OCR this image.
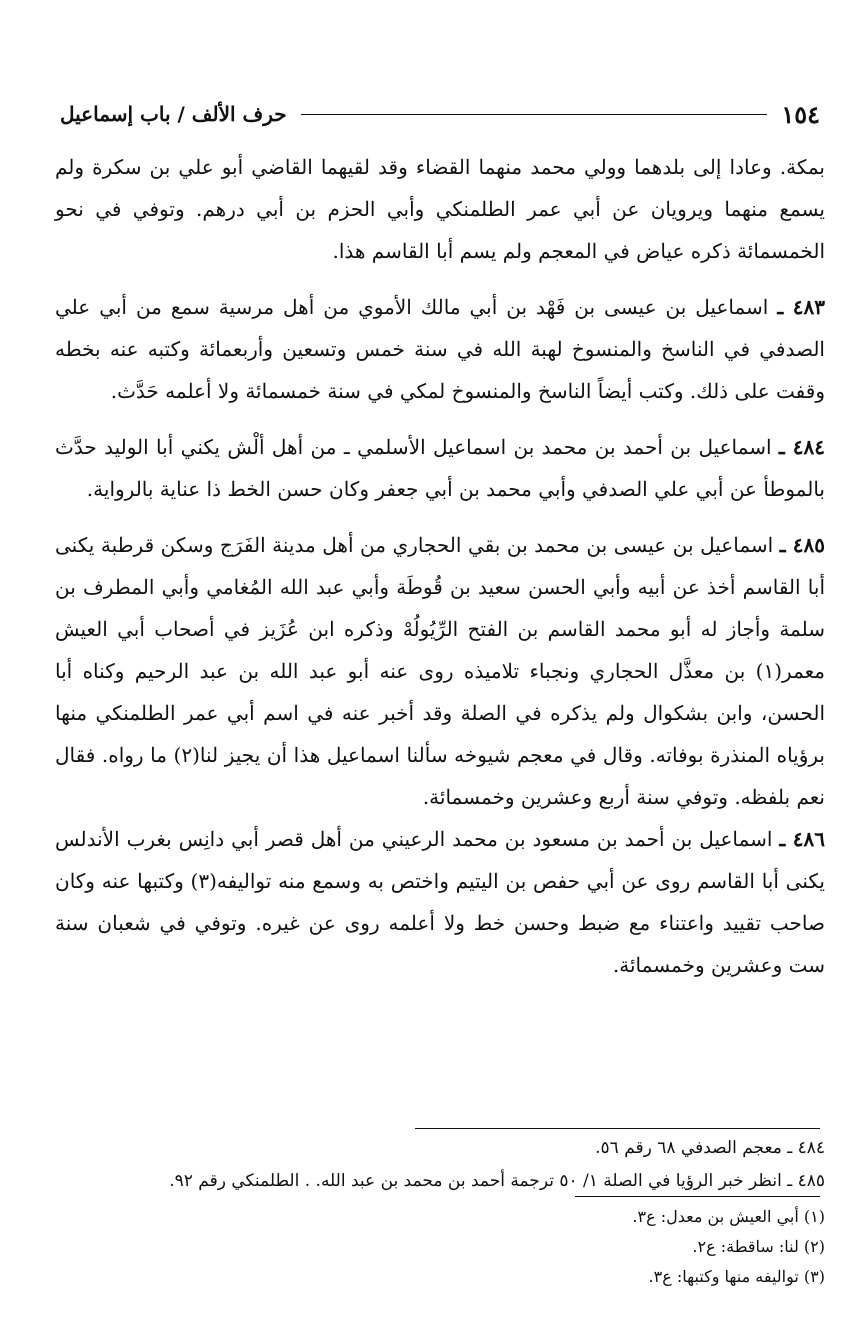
١٥٤
حرف الألف / باب إسماعيل

بمكة. وعادا إلى بلدهما وولي محمد منهما القضاء وقد لقيهما القاضي أبو علي بن سكرة ولم يسمع منهما ويرويان عن أبي عمر الطلمنكي وأبي الحزم بن أبي درهم. وتوفي في نحو الخمسمائة ذكره عياض في المعجم ولم يسم أبا القاسم هذا.

٤٨٣ ـ اسماعيل بن عيسى بن فَهْد بن أبي مالك الأموي من أهل مرسية سمع من أبي علي الصدفي في الناسخ والمنسوخ لهبة الله في سنة خمس وتسعين وأربعمائة وكتبه عنه بخطه وقفت على ذلك. وكتب أيضاً الناسخ والمنسوخ لمكي في سنة خمسمائة ولا أعلمه حَدَّث.

٤٨٤ ـ اسماعيل بن أحمد بن محمد بن اسماعيل الأسلمي ـ من أهل ألْش يكني أبا الوليد حدَّث بالموطأ عن أبي علي الصدفي وأبي محمد بن أبي جعفر وكان حسن الخط ذا عناية بالرواية.

٤٨٥ ـ اسماعيل بن عيسى بن محمد بن بقي الحجاري من أهل مدينة الفَرَج وسكن قرطبة يكنى أبا القاسم أخذ عن أبيه وأبي الحسن سعيد بن قُوطَة وأبي عبد الله المُغامي وأبي المطرف بن سلمة وأجاز له أبو محمد القاسم بن الفتح الرِّيُولُهْ وذكره ابن عُزَيز في أصحاب أبي العيش معمر(١) بن معذَّل الحجاري ونجباء تلاميذه روى عنه أبو عبد الله بن عبد الرحيم وكناه أبا الحسن، وابن بشكوال ولم يذكره في الصلة وقد أخبر عنه في اسم أبي عمر الطلمنكي منها برؤياه المنذرة بوفاته. وقال في معجم شيوخه سألنا اسماعيل هذا أن يجيز لنا(٢) ما رواه. فقال نعم بلفظه. وتوفي سنة أربع وعشرين وخمسمائة.

٤٨٦ ـ اسماعيل بن أحمد بن مسعود بن محمد الرعيني من أهل قصر أبي دانِس بغرب الأندلس يكنى أبا القاسم روى عن أبي حفص بن اليتيم واختص به وسمع منه تواليفه(٣) وكتبها عنه وكان صاحب تقييد واعتناء مع ضبط وحسن خط ولا أعلمه روى عن غيره. وتوفي في شعبان سنة ست وعشرين وخمسمائة.

٤٨٤ ـ معجم الصدفي ٦٨ رقم ٥٦.

٤٨٥ ـ انظر خبر الرؤيا في الصلة ١/ ٥٠ ترجمة أحمد بن محمد بن عبد الله. . الطلمنكي رقم ٩٢.

(١) أبي العيش بن معدل: ع٣.

(٢) لنا: ساقطة: ع٢.

(٣) تواليفه منها وكتبها: ع٣.
